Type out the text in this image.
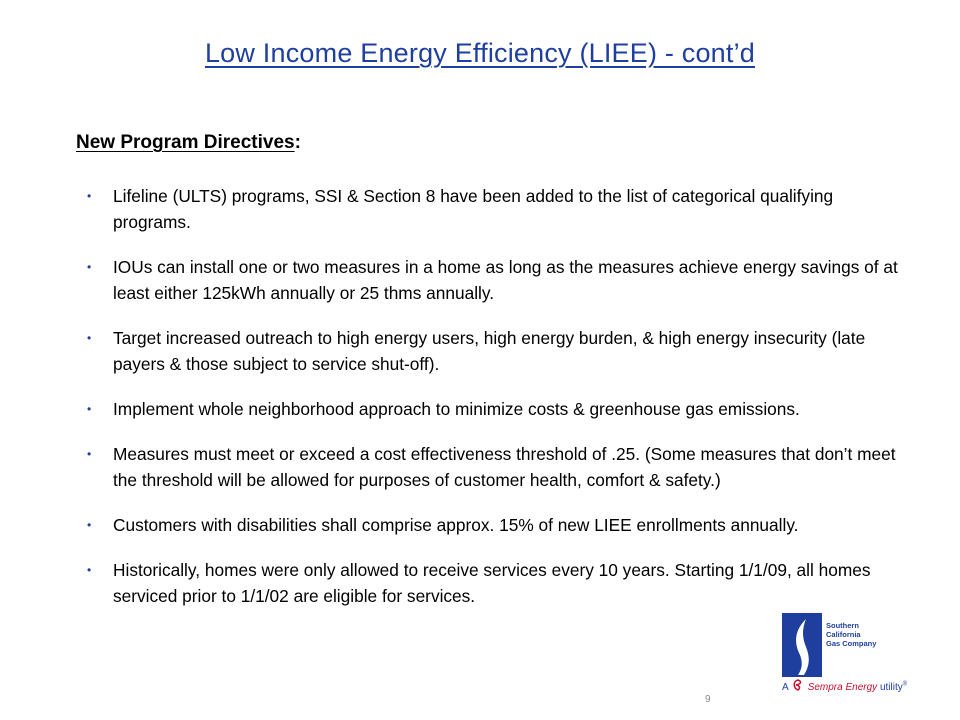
Low Income Energy Efficiency (LIEE) - cont’d
New Program Directives:
• Lifeline (ULTS) programs, SSI & Section 8 have been added to the list of categorical qualifying programs.
• IOUs can install one or two measures in a home as long as the measures achieve energy savings of at least either 125kWh annually or 25 thms annually.
• Target increased outreach to high energy users, high energy burden, & high energy insecurity (late payers & those subject to service shut-off).
• Implement whole neighborhood approach to minimize costs & greenhouse gas emissions.
• Measures must meet or exceed a cost effectiveness threshold of .25. (Some measures that don’t meet the threshold will be allowed for purposes of customer health, comfort & safety.)
• Customers with disabilities shall comprise approx. 15% of new LIEE enrollments annually.
• Historically, homes were only allowed to receive services every 10 years. Starting 1/1/09, all homes serviced prior to 1/1/02 are eligible for services.
Southern
California
Gas Company
A Sempra Energy utility®
9
